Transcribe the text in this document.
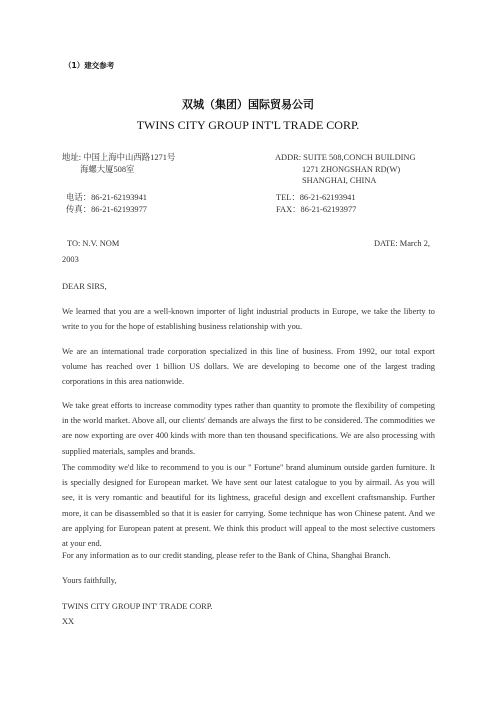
（1）建交参考
双城（集团）国际贸易公司
TWINS CITY GROUP INT'L TRADE CORP.
地址: 中国上海中山西路1271号
海螺大厦508室
ADDR: SUITE 508,CONCH BUILDING
1271 ZHONGSHAN RD(W)
SHANGHAI, CHINA
电话：86-21-62193941
传真：86-21-62193977
TEL：86-21-62193941
FAX：86-21-62193977
TO: N.V. NOM	DATE: March 2,
2003
DEAR SIRS,
We learned that you are a well-known importer of light industrial products in Europe, we take the liberty to write to you for the hope of establishing business relationship with you.
We are an international trade corporation specialized in this line of business. From 1992, our total export volume has reached over 1 billion US dollars. We are developing to become one of the largest trading corporations in this area nationwide.
We take great efforts to increase commodity types rather than quantity to promote the flexibility of competing in the world market. Above all, our clients' demands are always the first to be considered. The commodities we are now exporting are over 400 kinds with more than ten thousand specifications. We are also processing with supplied materials, samples and brands.
The commodity we'd like to recommend to you is our " Fortune" brand aluminum outside garden furniture. It is specially designed for European market. We have sent our latest catalogue to you by airmail. As you will see, it is very romantic and beautiful for its lightness, graceful design and excellent craftsmanship. Further more, it can be disassembled so that it is easier for carrying. Some technique has won Chinese patent. And we are applying for European patent at present. We think this product will appeal to the most selective customers at your end.
For any information as to our credit standing, please refer to the Bank of China, Shanghai Branch.
Yours faithfully,
TWINS CITY GROUP INT' TRADE CORP.
XX
